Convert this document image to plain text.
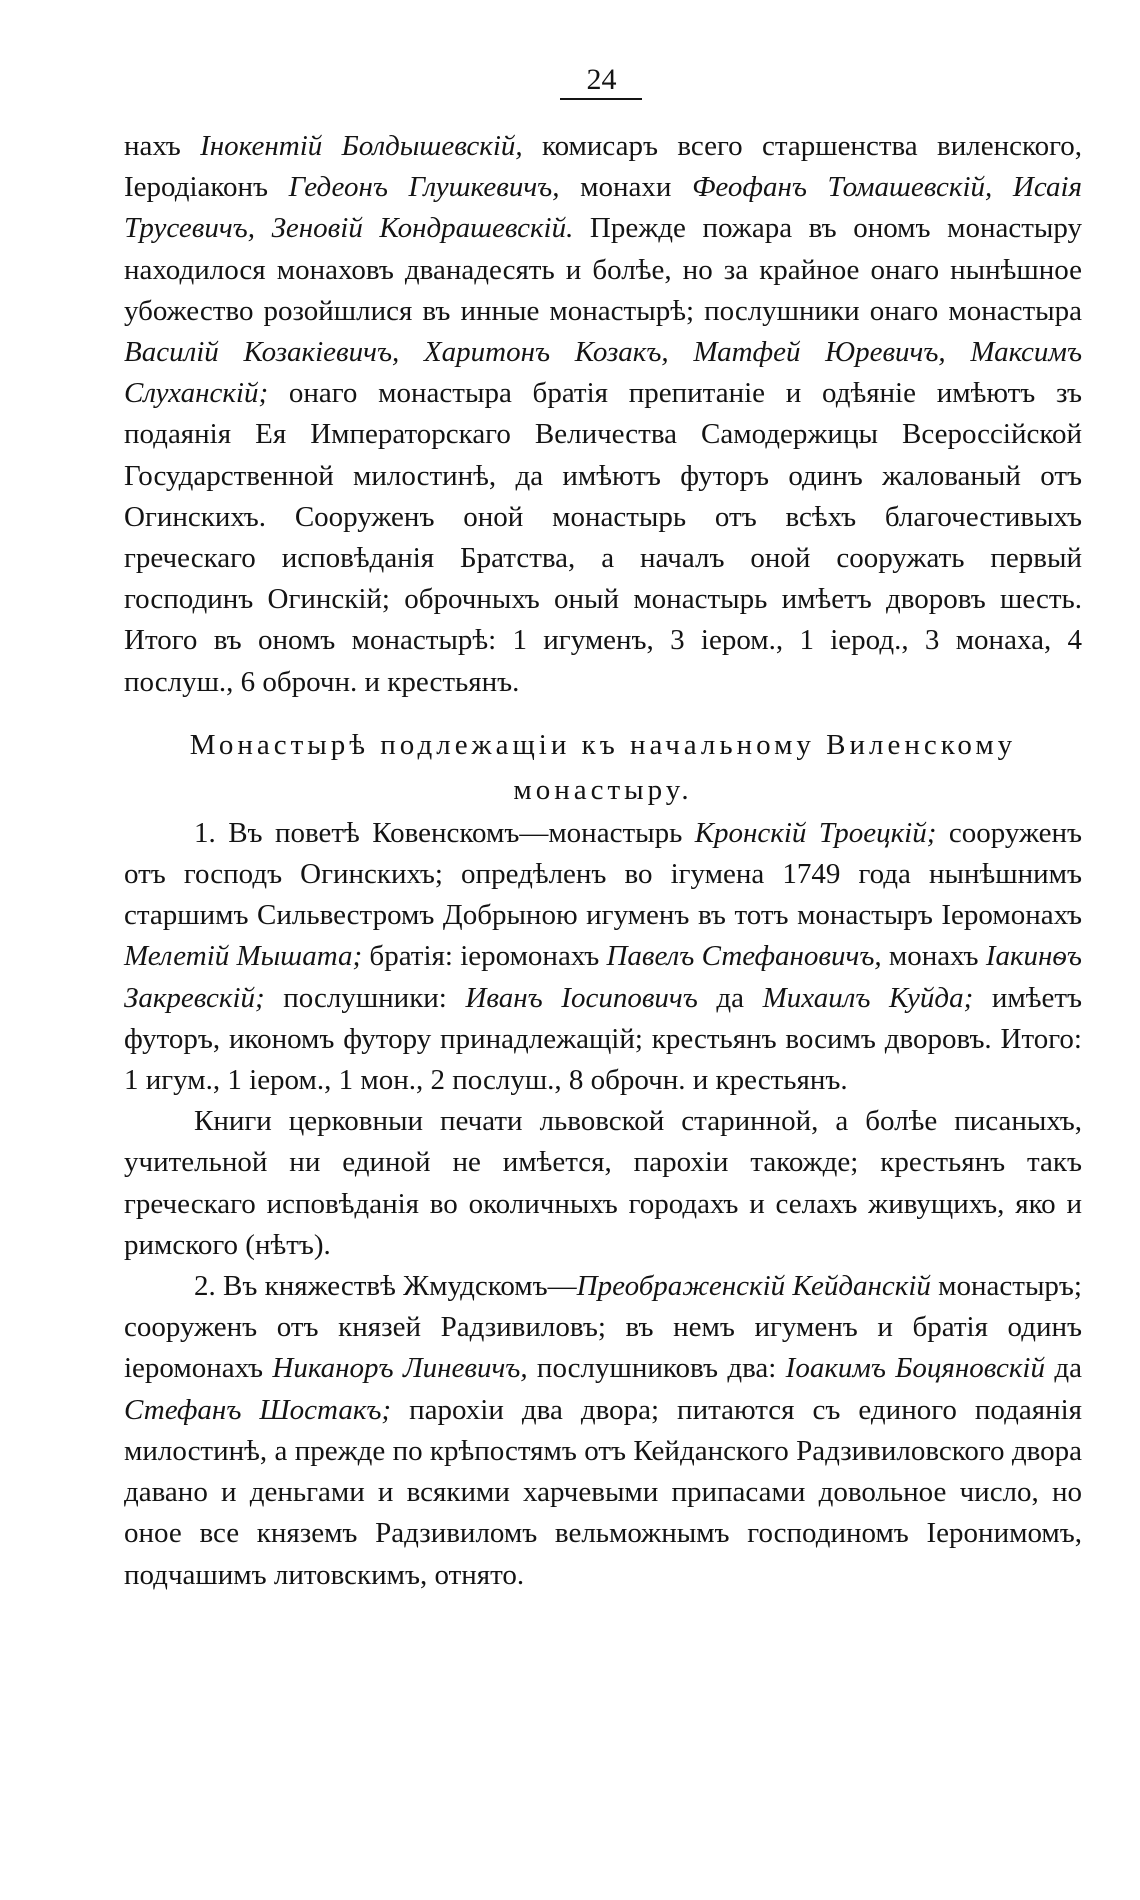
24

нахъ Інокентій Болдышевскій, комисаръ всего старшенства виленского, Іеродіаконъ Гедеонъ Глушкевичъ, монахи Феофанъ Томашевскій, Исаія Трусевичъ, Зеновій Кондрашевскій. Прежде пожара въ ономъ монастыру находилося монаховъ дванадесять и болѣе, но за крайное онаго нынѣшное убожество розойшлися въ инные монастырѣ; послушники онаго монастыра Василій Козакіевичъ, Харитонъ Козакъ, Матфей Юревичъ, Максимъ Слуханскій; онаго монастыра братія препитаніе и одѣяніе имѣютъ зъ подаянія Ея Императорскаго Величества Самодержицы Всероссійской Государственной милостинѣ, да имѣютъ футоръ одинъ жалованый отъ Огинскихъ. Сооруженъ оной монастырь отъ всѣхъ благочестивыхъ греческаго исповѣданія Братства, а началъ оной сооружать первый господинъ Огинскій; оброчныхъ оный монастырь имѣетъ дворовъ шесть. Итого въ ономъ монастырѣ: 1 игуменъ, 3 іером., 1 іерод., 3 монаха, 4 послуш., 6 оброчн. и крестьянъ.

Монастырѣ подлежащіи къ начальному Виленскому монастыру.

1. Въ поветѣ Ковенскомъ—монастырь Кронскій Троецкій; сооруженъ отъ господъ Огинскихъ; опредѣленъ во ігумена 1749 года нынѣшнимъ старшимъ Сильвестромъ Добрыною игуменъ въ тотъ монастыръ Іеромонахъ Мелетій Мышата; братія: іеромонахъ Павелъ Стефановичъ, монахъ Іакинѳъ Закревскій; послушники: Иванъ Іосиповичъ да Михаилъ Куйда; имѣетъ футоръ, икономъ футору принадлежащій; крестьянъ восимъ дворовъ. Итого: 1 игум., 1 іером., 1 мон., 2 послуш., 8 оброчн. и крестьянъ.

Книги церковныи печати львовской старинной, а болѣе писаныхъ, учительной ни единой не имѣется, парохіи такожде; крестьянъ такъ греческаго исповѣданія во околичныхъ городахъ и селахъ живущихъ, яко и римского (нѣтъ).

2. Въ княжествѣ Жмудскомъ—Преображенскій Кейданскій монастыръ; сооруженъ отъ князей Радзивиловъ; въ немъ игуменъ и братія одинъ іеромонахъ Никаноръ Линевичъ, послушниковъ два: Іоакимъ Боцяновскій да Стефанъ Шостакъ; парохіи два двора; питаются съ единого подаянія милостинѣ, а прежде по крѣпостямъ отъ Кейданского Радзивиловского двора давано и деньгами и всякими харчевыми припасами довольное число, но оное все княземъ Радзивиломъ вельможнымъ господиномъ Іеронимомъ, подчашимъ литовскимъ, отнято.
